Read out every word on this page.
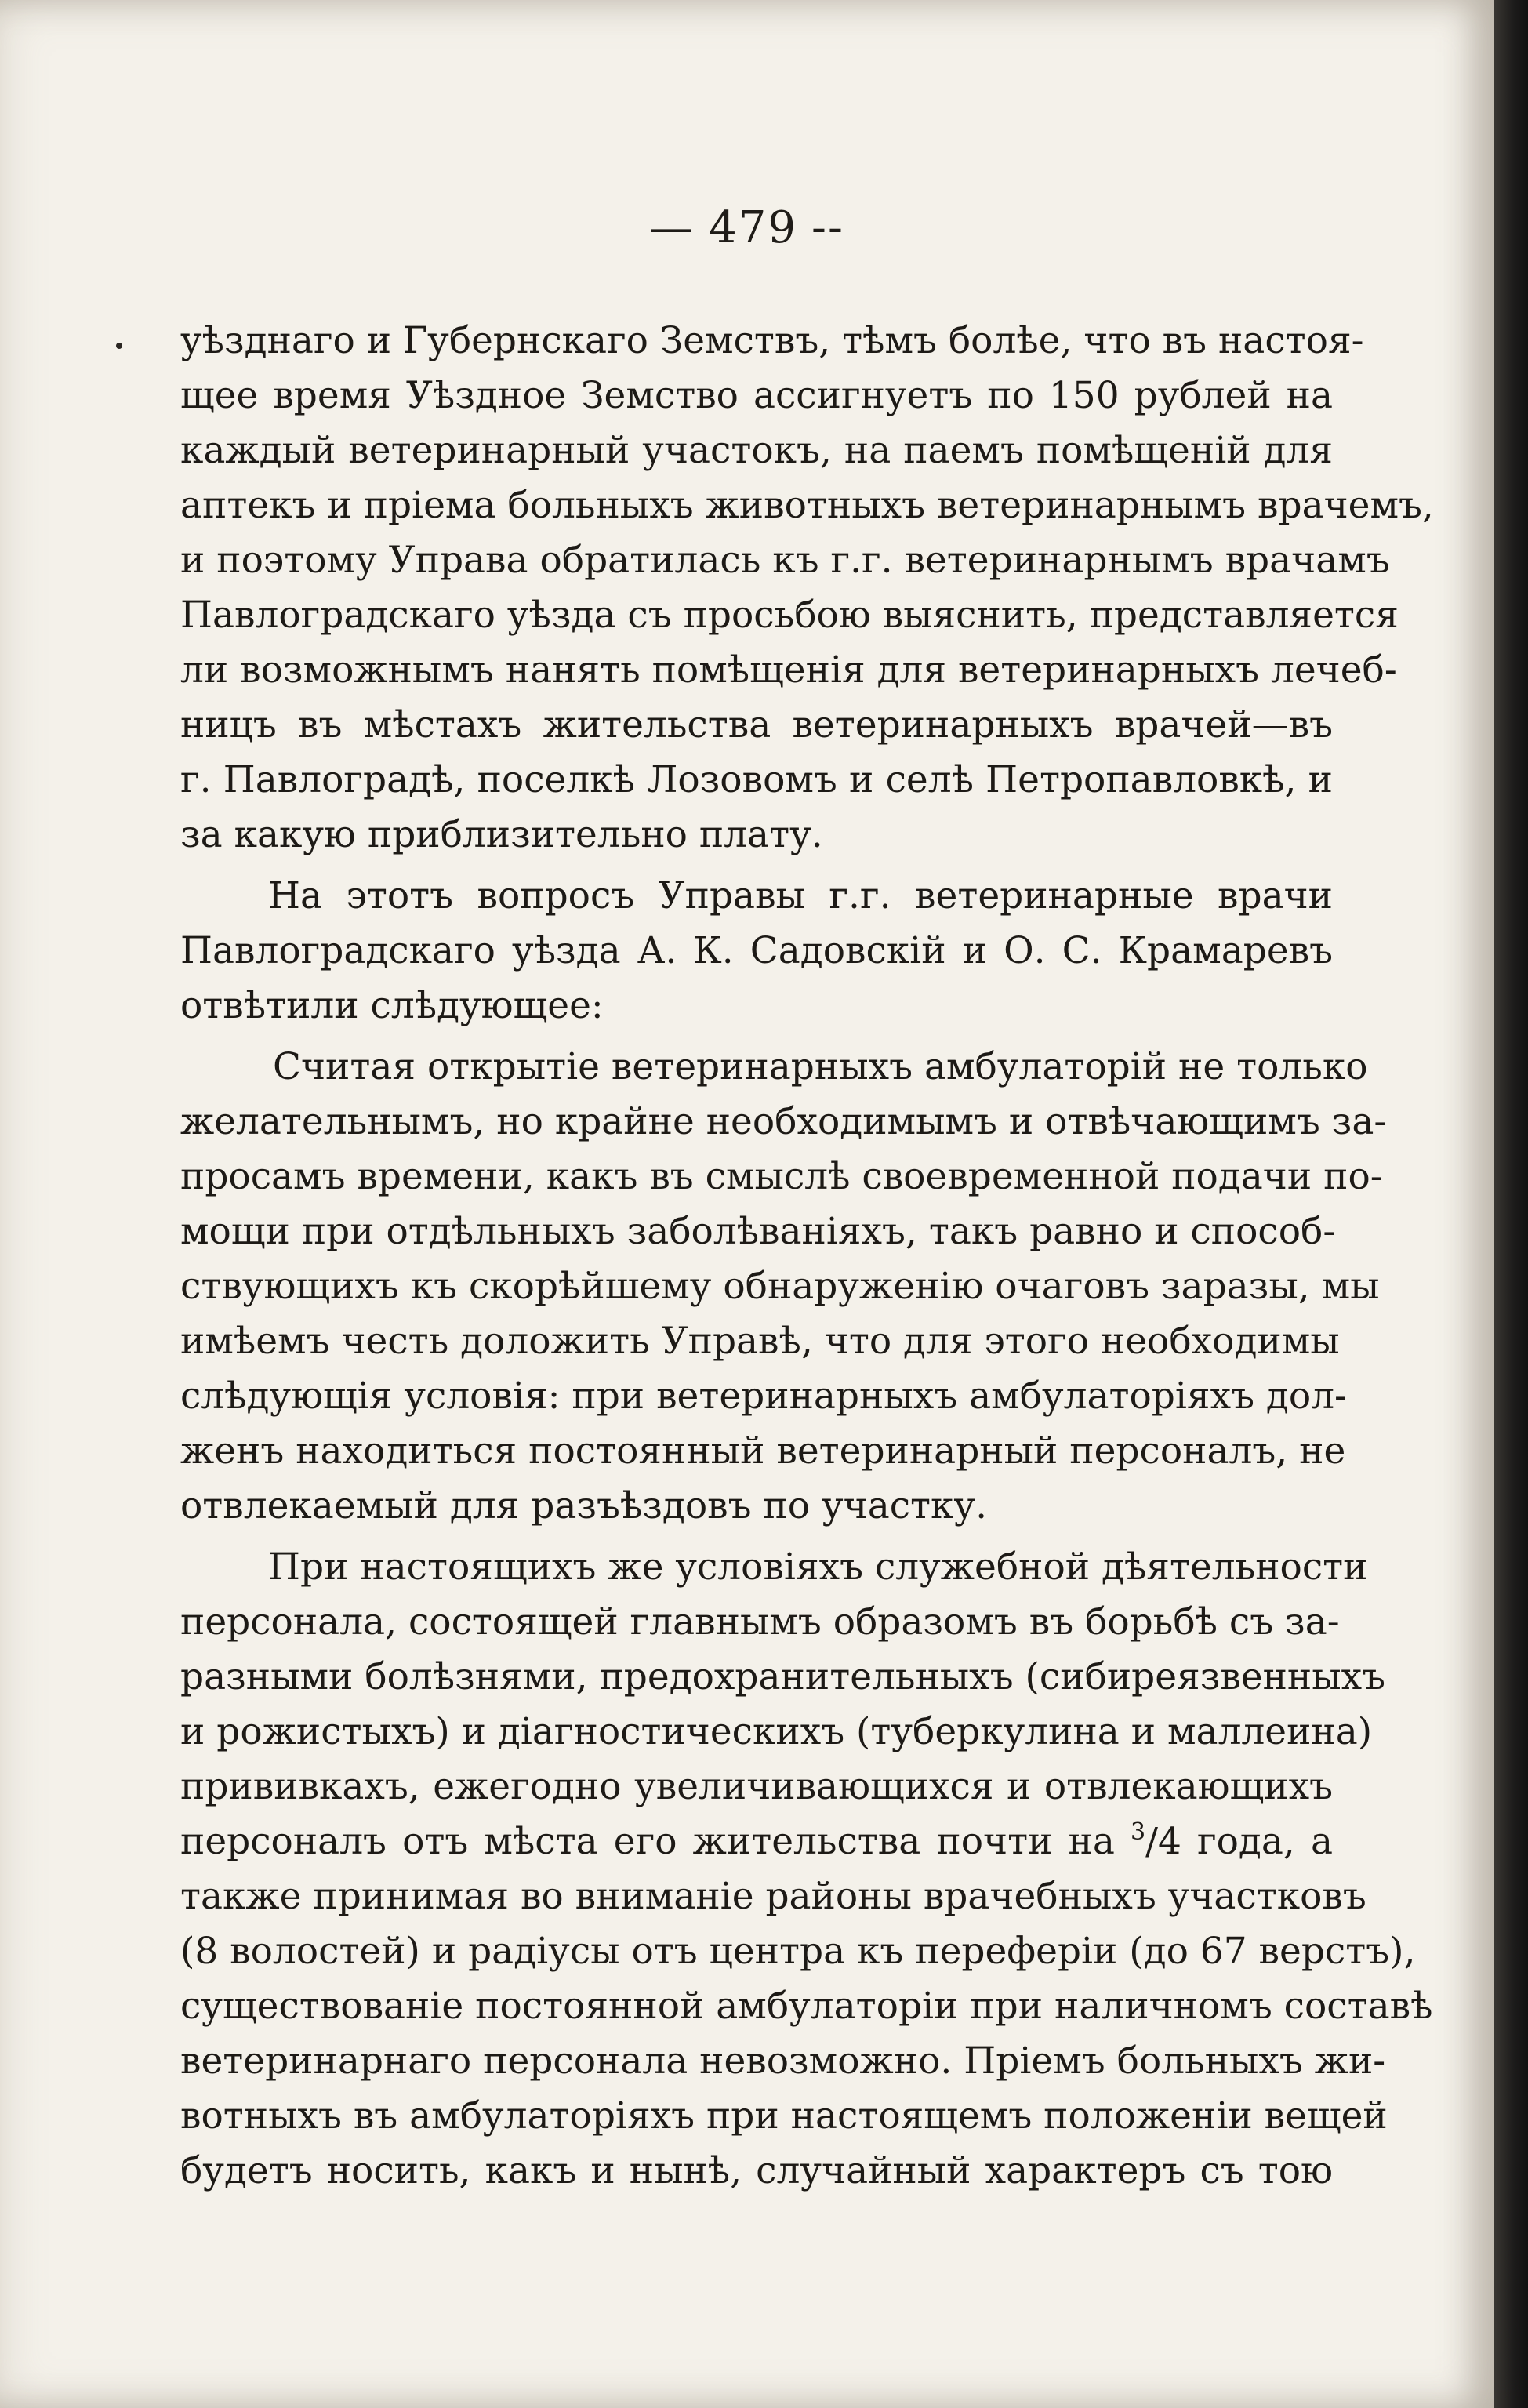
— 479 --
уѣзднаго и Губернскаго Земствъ, тѣмъ болѣе, что въ настоя-
щее время Уѣздное Земство ассигнуетъ по 150 рублей на
каждый ветеринарный участокъ, на паемъ помѣщеній для
аптекъ и пріема больныхъ животныхъ ветеринарнымъ врачемъ,
и поэтому Управа обратилась къ г.г. ветеринарнымъ врачамъ
Павлоградскаго уѣзда съ просьбою выяснить, представляется
ли возможнымъ нанять помѣщенія для ветеринарныхъ лечеб-
ницъ въ мѣстахъ жительства ветеринарныхъ врачей—въ
г. Павлоградѣ, поселкѣ Лозовомъ и селѣ Петропавловкѣ, и
за какую приблизительно плату.
На этотъ вопросъ Управы г.г. ветеринарные врачи
Павлоградскаго уѣзда А. К. Садовскій и О. С. Крамаревъ
отвѣтили слѣдующее:
Считая открытіе ветеринарныхъ амбулаторій не только
желательнымъ, но крайне необходимымъ и отвѣчающимъ за-
просамъ времени, какъ въ смыслѣ своевременной подачи по-
мощи при отдѣльныхъ заболѣваніяхъ, такъ равно и способ-
ствующихъ къ скорѣйшему обнаруженію очаговъ заразы, мы
имѣемъ честь доложить Управѣ, что для этого необходимы
слѣдующія условія: при ветеринарныхъ амбулаторіяхъ дол-
женъ находиться постоянный ветеринарный персоналъ, не
отвлекаемый для разъѣздовъ по участку.
При настоящихъ же условіяхъ служебной дѣятельности
персонала, состоящей главнымъ образомъ въ борьбѣ съ за-
разными болѣзнями, предохранительныхъ (сибиреязвенныхъ
и рожистыхъ) и діагностическихъ (туберкулина и маллеина)
прививкахъ, ежегодно увеличивающихся и отвлекающихъ
персоналъ отъ мѣста его жительства почти на $^3$/4 года, а
также принимая во вниманіе районы врачебныхъ участковъ
(8 волостей) и радіусы отъ центра къ переферіи (до 67 верстъ),
существованіе постоянной амбулаторіи при наличномъ составѣ
ветеринарнаго персонала невозможно. Пріемъ больныхъ жи-
вотныхъ въ амбулаторіяхъ при настоящемъ положеніи вещей
будетъ носить, какъ и нынѣ, случайный характеръ съ тою
